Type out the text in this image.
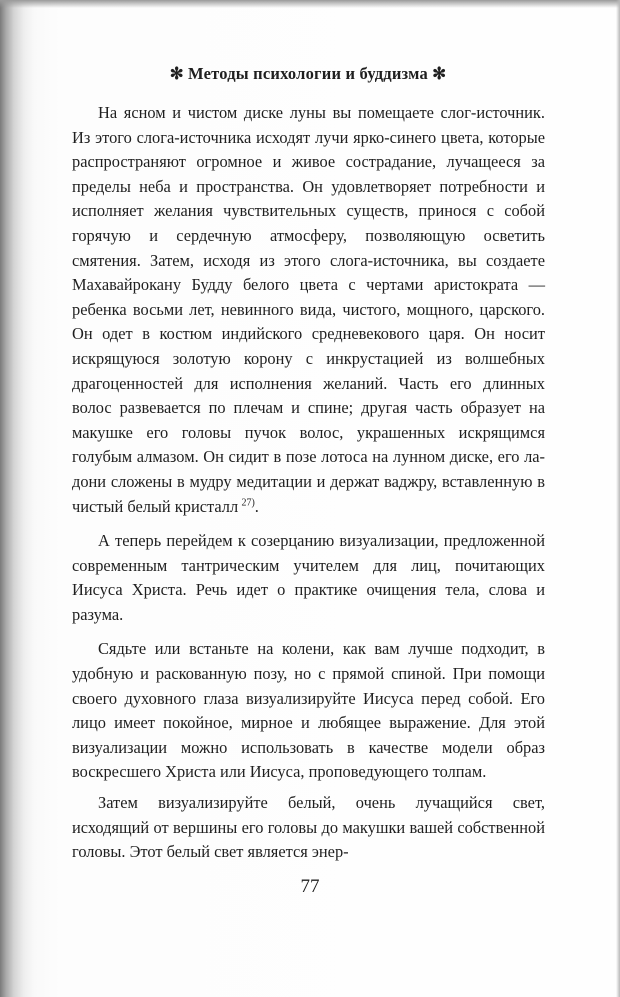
✻ Методы психологии и буддизма ✻

На ясном и чистом диске луны вы помещаете слог-источник. Из этого слога-источника исходят лучи ярко-синего цвета, которые распространяют огромное и живое сострадание, лучащееся за пределы неба и пространства. Он удовлетворяет потребности и исполняет желания чувствительных существ, принося с собой горячую и сердечную атмосферу, позволяющую осветить смятения. Затем, исходя из этого слога-источника, вы создаете Махавайрокану Будду белого цвета с чертами аристократа — ребенка восьми лет, невинного вида, чистого, мощного, царского. Он одет в костюм индийского средневекового царя. Он носит искрящуюся золотую корону с инкрустацией из волшебных драгоценностей для исполнения желаний. Часть его длинных волос развевается по плечам и спине; другая часть образует на макушке его головы пучок волос, украшенных искрящимся голубым алмазом. Он сидит в позе лотоса на лунном диске, его ладони сложены в мудру медитации и держат ваджру, вставленную в чистый белый кристалл  $^{27)}$.

А теперь перейдем к созерцанию визуализации, предложенной современным тантрическим учителем для лиц, почитающих Иисуса Христа. Речь идет о практике очищения тела, слова и разума.

Сядьте или встаньте на колени, как вам лучше подходит, в удобную и раскованную позу, но с прямой спиной. При помощи своего духовного глаза визуализируйте Иисуса перед собой. Его лицо имеет покойное, мирное и любящее выражение. Для этой визуализации можно использовать в качестве модели образ воскресшего Христа или Иисуса, проповедующего толпам.

Затем визуализируйте белый, очень лучащийся свет, исходящий от вершины его головы до макушки вашей собственной головы. Этот белый свет является энер-

77
